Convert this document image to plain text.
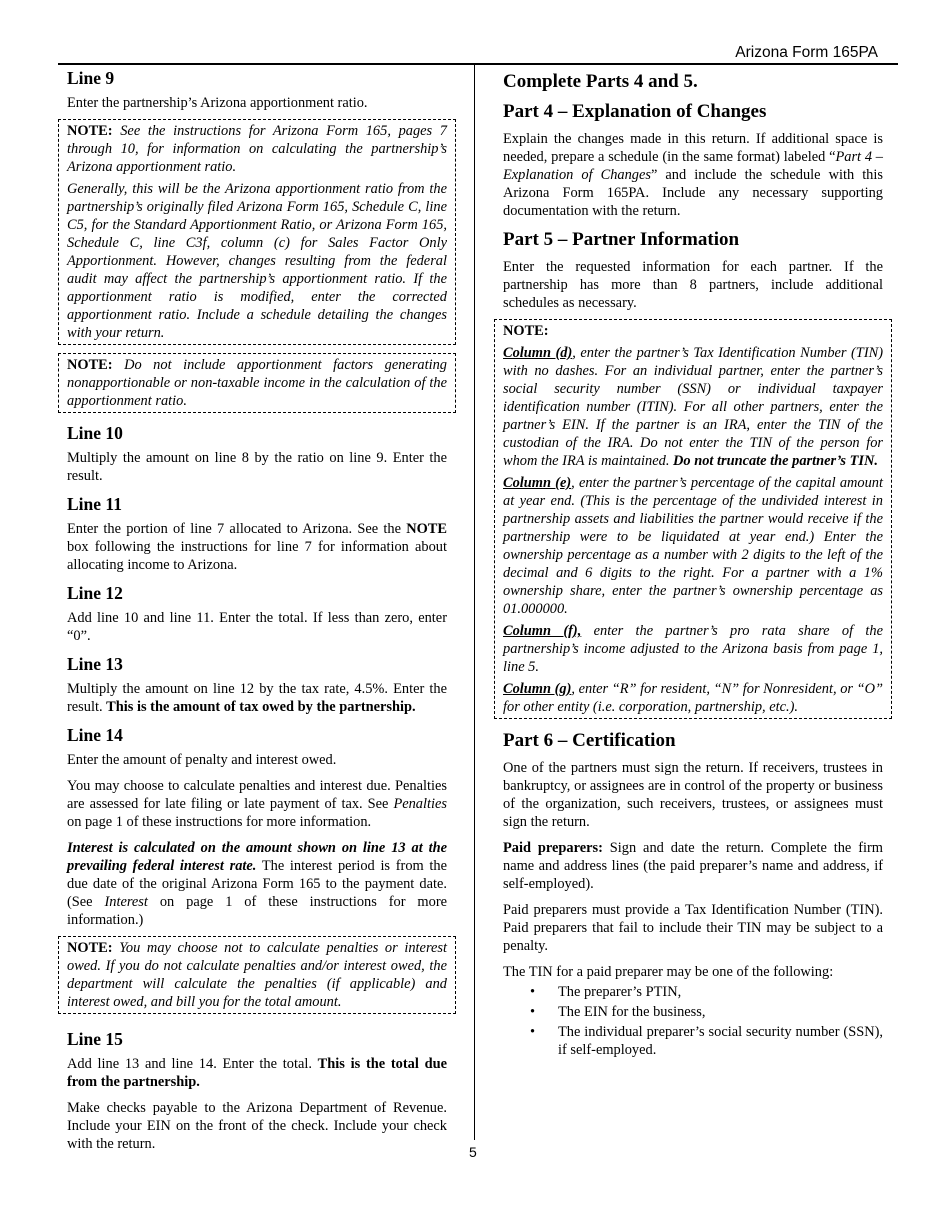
Arizona Form 165PA
Line 9

Enter the partnership’s Arizona apportionment ratio.

NOTE: See the instructions for Arizona Form 165, pages 7 through 10, for information on calculating the partnership’s Arizona apportionment ratio.

Generally, this will be the Arizona apportionment ratio from the partnership’s originally filed Arizona Form 165, Schedule C, line C5, for the Standard Apportionment Ratio, or Arizona Form 165, Schedule C, line C3f, column (c) for Sales Factor Only Apportionment. However, changes resulting from the federal audit may affect the partnership’s apportionment ratio. If the apportionment ratio is modified, enter the corrected apportionment ratio. Include a schedule detailing the changes with your return.

NOTE: Do not include apportionment factors generating nonapportionable or non-taxable income in the calculation of the apportionment ratio.

Line 10

Multiply the amount on line 8 by the ratio on line 9. Enter the result.

Line 11

Enter the portion of line 7 allocated to Arizona. See the NOTE box following the instructions for line 7 for information about allocating income to Arizona.

Line 12

Add line 10 and line 11. Enter the total. If less than zero, enter “0”.

Line 13

Multiply the amount on line 12 by the tax rate, 4.5%. Enter the result. This is the amount of tax owed by the partnership.

Line 14

Enter the amount of penalty and interest owed.

You may choose to calculate penalties and interest due. Penalties are assessed for late filing or late payment of tax. See Penalties on page 1 of these instructions for more information.

Interest is calculated on the amount shown on line 13 at the prevailing federal interest rate. The interest period is from the due date of the original Arizona Form 165 to the payment date. (See Interest on page 1 of these instructions for more information.)

NOTE: You may choose not to calculate penalties or interest owed. If you do not calculate penalties and/or interest owed, the department will calculate the penalties (if applicable) and interest owed, and bill you for the total amount.

Line 15

Add line 13 and line 14. Enter the total. This is the total due from the partnership.

Make checks payable to the Arizona Department of Revenue. Include your EIN on the front of the check. Include your check with the return.

Complete Parts 4 and 5.
Part 4 – Explanation of Changes

Explain the changes made in this return. If additional space is needed, prepare a schedule (in the same format) labeled “Part 4 – Explanation of Changes” and include the schedule with this Arizona Form 165PA. Include any necessary supporting documentation with the return.

Part 5 – Partner Information

Enter the requested information for each partner. If the partnership has more than 8 partners, include additional schedules as necessary.

NOTE:

Column (d), enter the partner’s Tax Identification Number (TIN) with no dashes. For an individual partner, enter the partner’s social security number (SSN) or individual taxpayer identification number (ITIN). For all other partners, enter the partner’s EIN. If the partner is an IRA, enter the TIN of the custodian of the IRA. Do not enter the TIN of the person for whom the IRA is maintained. Do not truncate the partner’s TIN.

Column (e), enter the partner’s percentage of the capital amount at year end. (This is the percentage of the undivided interest in partnership assets and liabilities the partner would receive if the partnership were to be liquidated at year end.) Enter the ownership percentage as a number with 2 digits to the left of the decimal and 6 digits to the right. For a partner with a 1% ownership share, enter the partner’s ownership percentage as 01.000000.

Column (f), enter the partner’s pro rata share of the partnership’s income adjusted to the Arizona basis from page 1, line 5.

Column (g), enter “R” for resident, “N” for Nonresident, or “O” for other entity (i.e. corporation, partnership, etc.).

Part 6 – Certification

One of the partners must sign the return. If receivers, trustees in bankruptcy, or assignees are in control of the property or business of the organization, such receivers, trustees, or assignees must sign the return.

Paid preparers: Sign and date the return. Complete the firm name and address lines (the paid preparer’s name and address, if self-employed).

Paid preparers must provide a Tax Identification Number (TIN). Paid preparers that fail to include their TIN may be subject to a penalty.

The TIN for a paid preparer may be one of the following:

• The preparer’s PTIN,
• The EIN for the business,
• The individual preparer’s social security number (SSN), if self-employed.
5
